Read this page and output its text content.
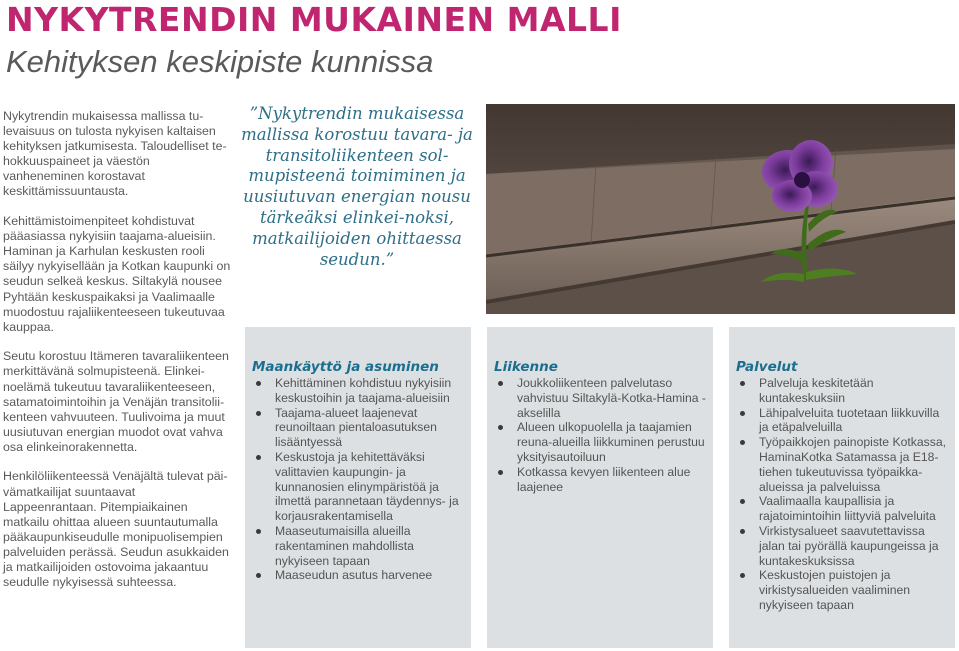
NYKYTRENDIN MUKAINEN MALLI
Kehityksen keskipiste kunnissa

Nykytrendin mukaisessa mallissa tu-levaisuus on tulosta nykyisen kaltaisen kehityksen jatkumisesta. Taloudelliset te-hokkuuspaineet ja väestön vanheneminen korostavat keskittämissuuntausta.

Kehittämistoimenpiteet kohdistuvat pääasiassa nykyisiin taajama-alueisiin. Haminan ja Karhulan keskusten rooli säilyy nykyisellään ja Kotkan kaupunki on seudun selkeä keskus. Siltakylä nousee Pyhtään keskuspaikaksi ja Vaalimaalle muodostuu rajaliikenteeseen tukeutuvaa kauppaa.

Seutu korostuu Itämeren tavaraliikenteen merkittävänä solmupisteenä. Elinkei-noelämä tukeutuu tavaraliikenteeseen, satamatoimintoihin ja Venäjän transitolii-kenteen vahvuuteen. Tuulivoima ja muut uusiutuvan energian muodot ovat vahva osa elinkeinorakennetta.

Henkilöliikenteessä Venäjältä tulevat päi-vämatkailijat suuntaavat Lappeenrantaan. Pitempiaikainen matkailu ohittaa alueen suuntautumalla pääkaupunkiseudulle monipuolisempien palveluiden perässä. Seudun asukkaiden ja matkailijoiden ostovoima jakaantuu seudulle nykyisessä suhteessa.

”Nykytrendin mukaisessa mallissa korostuu tavara- ja transitoliikenteen sol-mupisteenä toimiminen ja uusiutuvan energian nousu tärkeäksi elinkei-noksi, matkailijoiden ohittaessa seudun.”
Maankäyttö ja asuminen
Kehittäminen kohdistuu nykyisiin keskustoihin ja taajama-alueisiin
Taajama-alueet laajenevat reunoiltaan pientaloasutuksen lisääntyessä
Keskustoja ja kehitettäväksi valittavien kaupungin- ja kunnanosien elinympäristöä ja ilmettä parannetaan täydennys- ja korjausrakentamisella
Maaseutumaisilla alueilla rakentaminen mahdollista nykyiseen tapaan
Maaseudun asutus harvenee
Liikenne
Joukkoliikenteen palvelutaso vahvistuu Siltakylä-Kotka-Hamina -akselilla
Alueen ulkopuolella ja taajamien reuna-alueilla liikkuminen perustuu yksityisautoiluun
Kotkassa kevyen liikenteen alue laajenee
Palvelut
Palveluja keskitetään kuntakeskuksiin
Lähipalveluita tuotetaan liikkuvilla ja etäpalveluilla
Työpaikkojen painopiste Kotkassa, HaminaKotka Satamassa ja E18-tiehen tukeutuvissa työpaikka-alueissa ja palveluissa
Vaalimaalla kaupallisia ja rajatoimintoihin liittyviä palveluita
Virkistysalueet saavutettavissa jalan tai pyörällä kaupungeissa ja kuntakeskuksissa
Keskustojen puistojen ja virkistysalueiden vaaliminen nykyiseen tapaan
